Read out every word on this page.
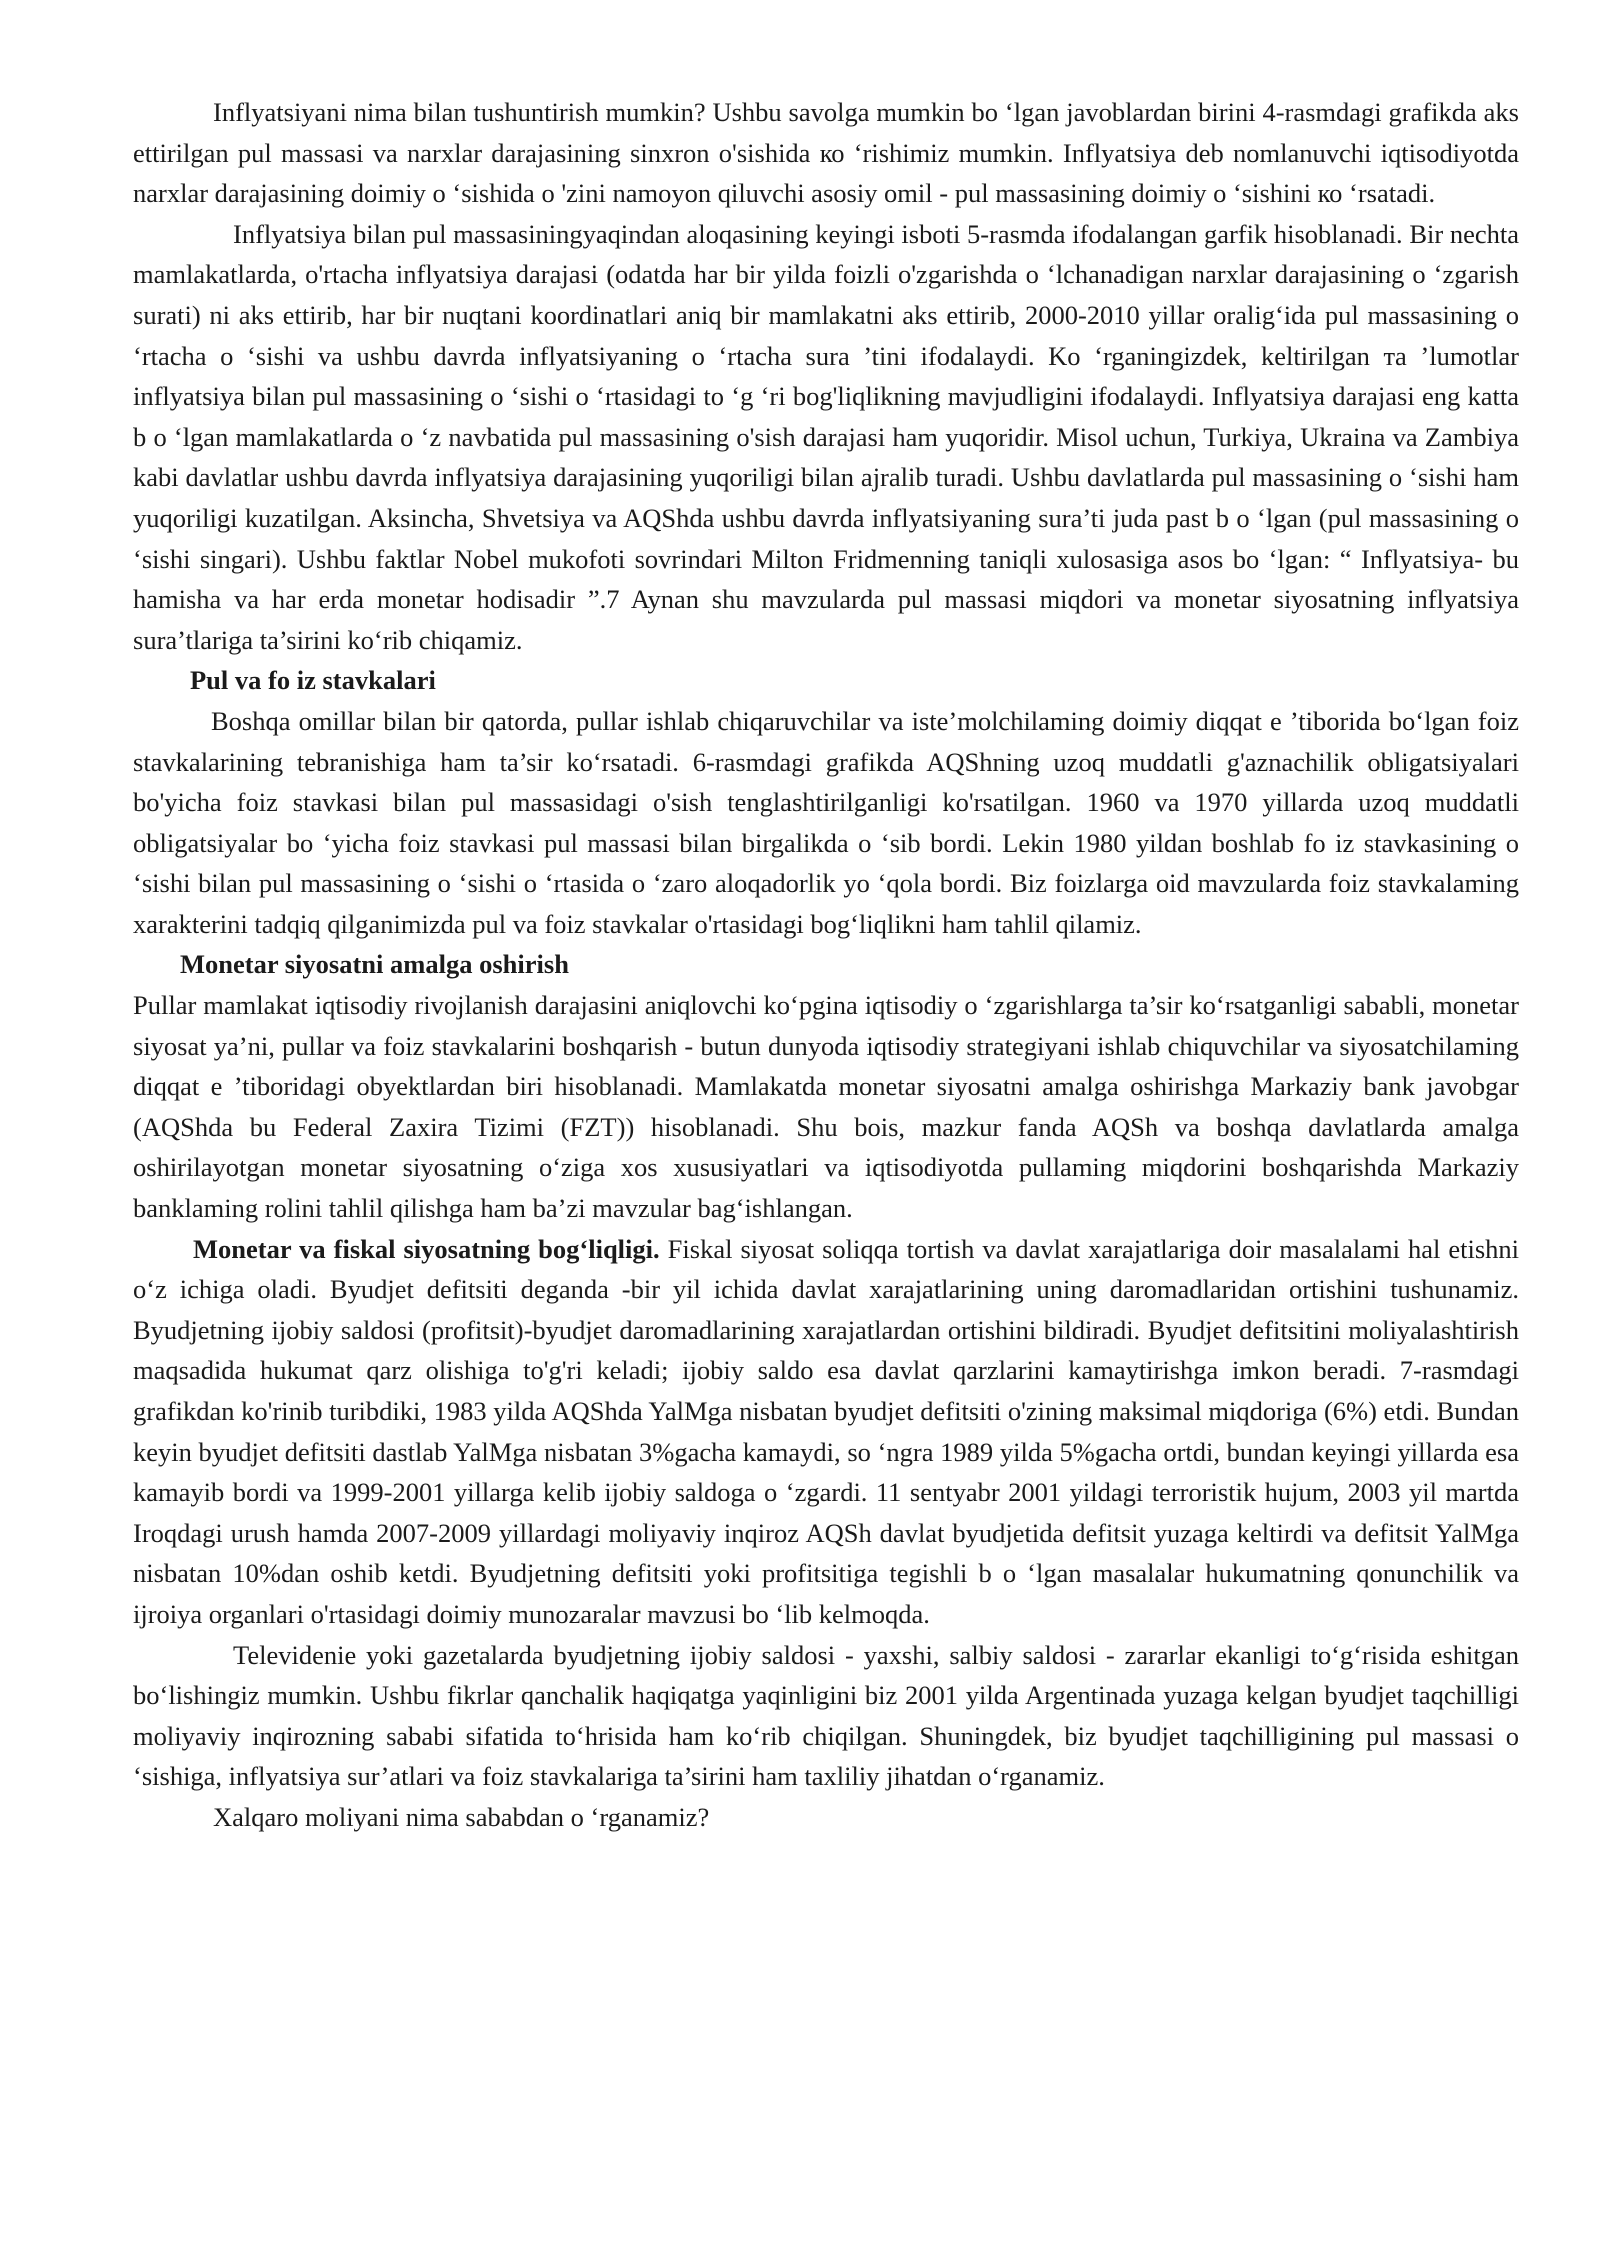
Inflyatsiyani nima bilan tushuntirish mumkin? Ushbu savolga mumkin bo ‘lgan javoblardan birini 4-rasmdagi grafikda aks ettirilgan pul massasi va narxlar darajasining sinxron o'sishida ко ‘rishimiz mumkin. Inflyatsiya deb nomlanuvchi iqtisodiyotda narxlar darajasining doimiy o ‘sishida o 'zini namoyon qiluvchi asosiy omil - pul massasining doimiy o ‘sishini ко ‘rsatadi.

Inflyatsiya bilan pul massasiningyaqindan aloqasining keyingi isboti 5-rasmda ifodalangan garfik hisoblanadi. Bir nechta mamlakatlarda, o'rtacha inflyatsiya darajasi (odatda har bir yilda foizli o'zgarishda o ‘lchanadigan narxlar darajasining o ‘zgarish surati) ni aks ettirib, har bir nuqtani koordinatlari aniq bir mamlakatni aks ettirib, 2000-2010 yillar oralig‘ida pul massasining o ‘rtacha o ‘sishi va ushbu davrda inflyatsiyaning o ‘rtacha sura ’tini ifodalaydi. Ko ‘rganingizdek, keltirilgan тa ’lumotlar inflyatsiya bilan pul massasining o ‘sishi o ‘rtasidagi to ‘g ‘ri bog'liqlikning mavjudligini ifodalaydi. Inflyatsiya darajasi eng katta b o ‘lgan mamlakatlarda o ‘z navbatida pul massasining o'sish darajasi ham yuqoridir. Misol uchun, Turkiya, Ukraina va Zambiya kabi davlatlar ushbu davrda inflyatsiya darajasining yuqoriligi bilan ajralib turadi. Ushbu davlatlarda pul massasining o ‘sishi ham yuqoriligi kuzatilgan. Aksincha, Shvetsiya va AQShda ushbu davrda inflyatsiyaning sura’ti juda past b o ‘lgan (pul massasining o ‘sishi singari). Ushbu faktlar Nobel mukofoti sovrindari Milton Fridmenning taniqli xulosasiga asos bo ‘lgan: “ Inflyatsiya- bu hamisha va har erda monetar hodisadir ”.7 Aynan shu mavzularda pul massasi miqdori va monetar siyosatning inflyatsiya sura’tlariga ta’sirini ko‘rib chiqamiz.

Pul va fo iz stavkalari

Boshqa omillar bilan bir qatorda, pullar ishlab chiqaruvchilar va iste’molchilaming doimiy diqqat e ’tiborida bo‘lgan foiz stavkalarining tebranishiga ham ta’sir ko‘rsatadi. 6-rasmdagi grafikda AQShning uzoq muddatli g'aznachilik obligatsiyalari bo'yicha foiz stavkasi bilan pul massasidagi o'sish tenglashtirilganligi ko'rsatilgan. 1960 va 1970 yillarda uzoq muddatli obligatsiyalar bo ‘yicha foiz stavkasi pul massasi bilan birgalikda o ‘sib bordi. Lekin 1980 yildan boshlab fo iz stavkasining o ‘sishi bilan pul massasining o ‘sishi o ‘rtasida o ‘zaro aloqadorlik yo ‘qola bordi. Biz foizlarga oid mavzularda foiz stavkalaming xarakterini tadqiq qilganimizda pul va foiz stavkalar o'rtasidagi bog‘liqlikni ham tahlil qilamiz.

Monetar siyosatni amalga oshirish

Pullar mamlakat iqtisodiy rivojlanish darajasini aniqlovchi ko‘pgina iqtisodiy o ‘zgarishlarga ta’sir ko‘rsatganligi sababli, monetar siyosat ya’ni, pullar va foiz stavkalarini boshqarish - butun dunyoda iqtisodiy strategiyani ishlab chiquvchilar va siyosatchilaming diqqat e ’tiboridagi obyektlardan biri hisoblanadi. Mamlakatda monetar siyosatni amalga oshirishga Markaziy bank javobgar (AQShda bu Federal Zaxira Tizimi (FZT)) hisoblanadi. Shu bois, mazkur fanda AQSh va boshqa davlatlarda amalga oshirilayotgan monetar siyosatning o‘ziga xos xususiyatlari va iqtisodiyotda pullaming miqdorini boshqarishda Markaziy banklaming rolini tahlil qilishga ham ba’zi mavzular bag‘ishlangan.

Monetar va fiskal siyosatning bog‘liqligi. Fiskal siyosat soliqqa tortish va davlat xarajatlariga doir masalalami hal etishni o‘z ichiga oladi. Byudjet defitsiti deganda -bir yil ichida davlat xarajatlarining uning daromadlaridan ortishini tushunamiz. Byudjetning ijobiy saldosi (profitsit)-byudjet daromadlarining xarajatlardan ortishini bildiradi. Byudjet defitsitini moliyalashtirish maqsadida hukumat qarz olishiga to'g'ri keladi; ijobiy saldo esa davlat qarzlarini kamaytirishga imkon beradi. 7-rasmdagi grafikdan ko'rinib turibdiki, 1983 yilda AQShda YalMga nisbatan byudjet defitsiti o'zining maksimal miqdoriga (6%) etdi. Bundan keyin byudjet defitsiti dastlab YalMga nisbatan 3%gacha kamaydi, so ‘ngra 1989 yilda 5%gacha ortdi, bundan keyingi yillarda esa kamayib bordi va 1999-2001 yillarga kelib ijobiy saldoga o ‘zgardi. 11 sentyabr 2001 yildagi terroristik hujum, 2003 yil martda Iroqdagi urush hamda 2007-2009 yillardagi moliyaviy inqiroz AQSh davlat byudjetida defitsit yuzaga keltirdi va defitsit YalMga nisbatan 10%dan oshib ketdi. Byudjetning defitsiti yoki profitsitiga tegishli b o ‘lgan masalalar hukumatning qonunchilik va ijroiya organlari o'rtasidagi doimiy munozaralar mavzusi bo ‘lib kelmoqda.

Televidenie yoki gazetalarda byudjetning ijobiy saldosi - yaxshi, salbiy saldosi - zararlar ekanligi to‘g‘risida eshitgan bo‘lishingiz mumkin. Ushbu fikrlar qanchalik haqiqatga yaqinligini biz 2001 yilda Argentinada yuzaga kelgan byudjet taqchilligi moliyaviy inqirozning sababi sifatida to‘hrisida ham ko‘rib chiqilgan. Shuningdek, biz byudjet taqchilligining pul massasi o ‘sishiga, inflyatsiya sur’atlari va foiz stavkalariga ta’sirini ham taxliliy jihatdan o‘rganamiz.

Xalqaro moliyani nima sababdan o ‘rganamiz?
